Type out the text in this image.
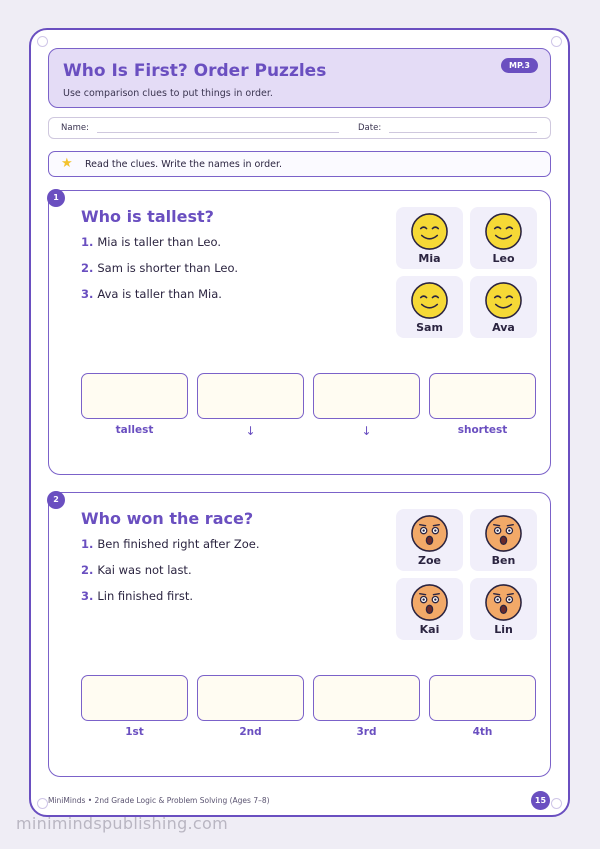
Who Is First? Order Puzzles
Use comparison clues to put things in order.
MP.3
Name:	Date:
★ Read the clues. Write the names in order.
1
Who is tallest?
1. Mia is taller than Leo.
2. Sam is shorter than Leo.
3. Ava is taller than Mia.
Mia	Leo
Sam	Ava
tallest	↓	↓	shortest
2
Who won the race?
1. Ben finished right after Zoe.
2. Kai was not last.
3. Lin finished first.
Zoe	Ben
Kai	Lin
1st	2nd	3rd	4th
MiniMinds • 2nd Grade Logic & Problem Solving (Ages 7–8)	15
minimindspublishing.com
